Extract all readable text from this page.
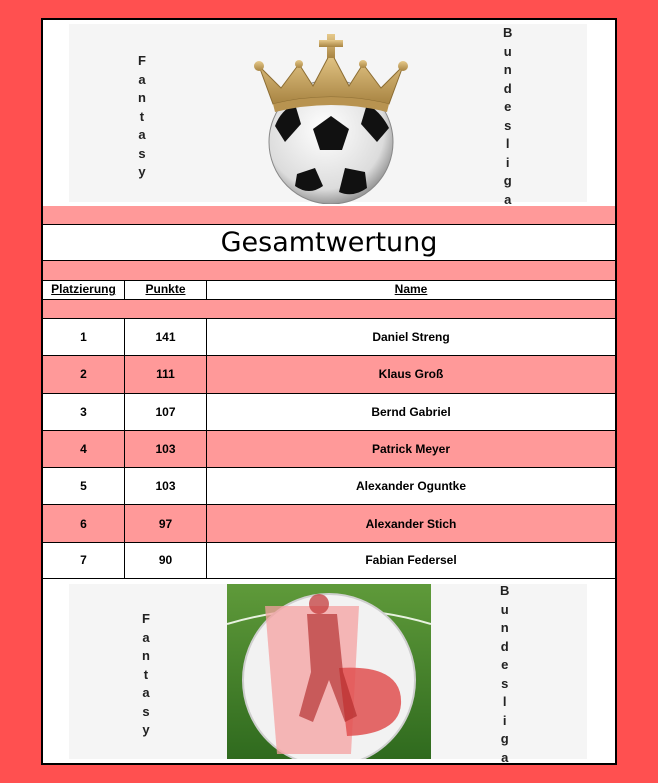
F
a
n
t
a
s
y
B
u
n
d
e
s
l
i
g
a
Gesamtwertung
Platzierung	Punkte	Name
1	141	Daniel Streng
2	111	Klaus Groß
3	107	Bernd Gabriel
4	103	Patrick Meyer
5	103	Alexander Oguntke
6	97	Alexander Stich
7	90	Fabian Federsel
F
a
n
t
a
s
y
B
u
n
d
e
s
l
i
g
a
